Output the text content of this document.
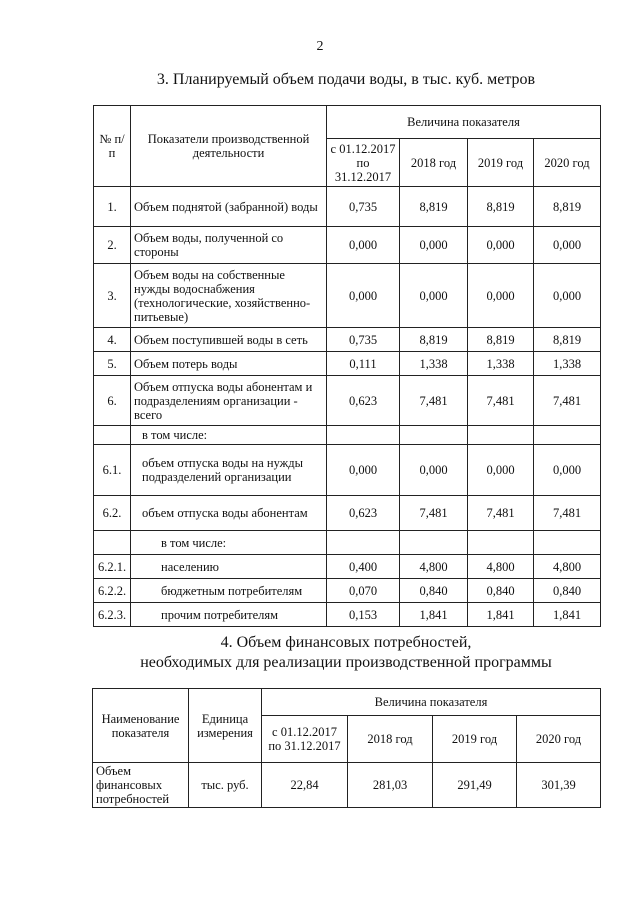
2
3. Планируемый объем подачи воды, в тыс. куб. метров
№ п/п	Показатели производственной деятельности	Величина показателя			
		с 01.12.2017 по 31.12.2017	2018 год	2019 год	2020 год
1.	Объем поднятой (забранной) воды	0,735	8,819	8,819	8,819
2.	Объем воды, полученной со стороны	0,000	0,000	0,000	0,000
3.	Объем воды на собственные нужды водоснабжения (технологические, хозяйственно-питьевые)	0,000	0,000	0,000	0,000
4.	Объем поступившей воды в сеть	0,735	8,819	8,819	8,819
5.	Объем потерь воды	0,111	1,338	1,338	1,338
6.	Объем отпуска воды абонентам и подразделениям организации - всего	0,623	7,481	7,481	7,481
	в том числе:				
6.1.	объем отпуска воды на нужды подразделений организации	0,000	0,000	0,000	0,000
6.2.	объем отпуска воды абонентам	0,623	7,481	7,481	7,481
	в том числе:				
6.2.1.	населению	0,400	4,800	4,800	4,800
6.2.2.	бюджетным потребителям	0,070	0,840	0,840	0,840
6.2.3.	прочим потребителям	0,153	1,841	1,841	1,841
4. Объем финансовых потребностей,
необходимых для реализации производственной программы
Наименование показателя	Единица измерения	Величина показателя			
		с 01.12.2017 по 31.12.2017	2018 год	2019 год	2020 год
Объем финансовых потребностей	тыс. руб.	22,84	281,03	291,49	301,39
